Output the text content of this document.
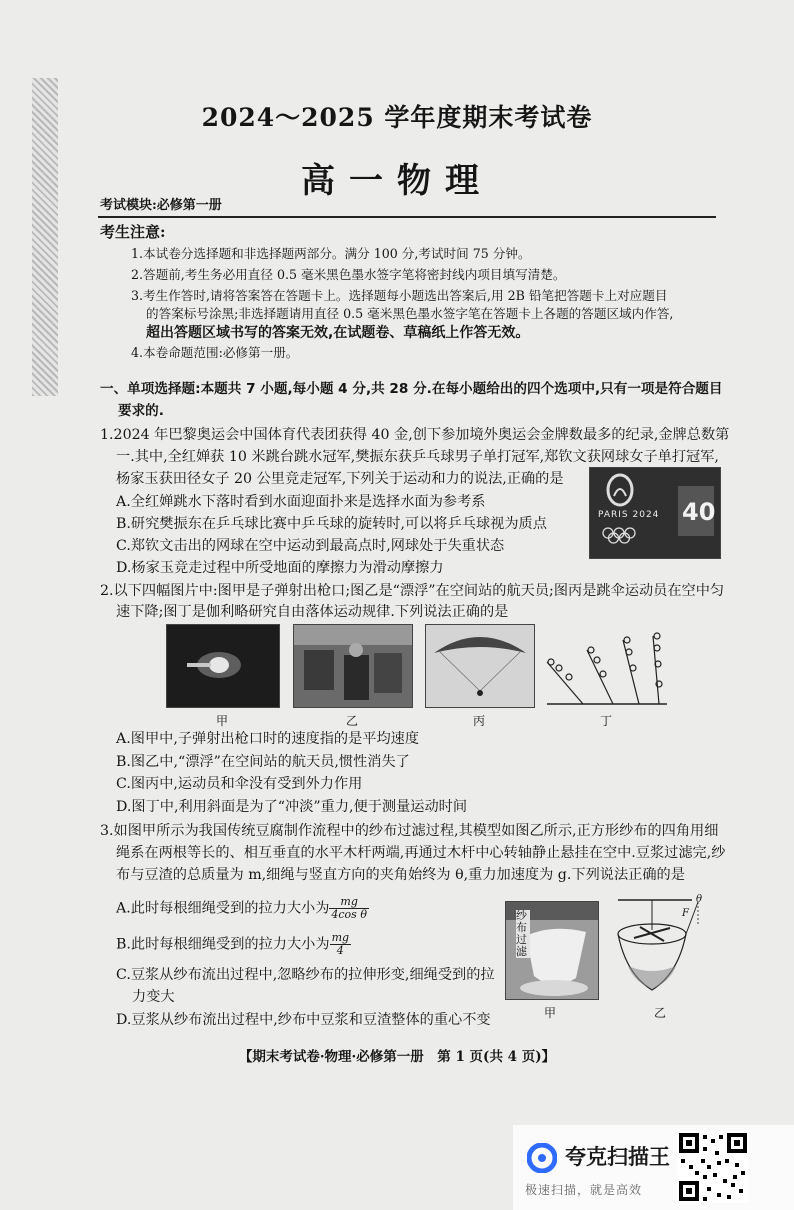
2024～2025 学年度期末考试卷
高一物理
考试模块:必修第一册
考生注意:
1.本试卷分选择题和非选择题两部分。满分 100 分,考试时间 75 分钟。
2.答题前,考生务必用直径 0.5 毫米黑色墨水签字笔将密封线内项目填写清楚。
3.考生作答时,请将答案答在答题卡上。选择题每小题选出答案后,用 2B 铅笔把答题卡上对应题目
的答案标号涂黑;非选择题请用直径 0.5 毫米黑色墨水签字笔在答题卡上各题的答题区域内作答,
超出答题区域书写的答案无效,在试题卷、草稿纸上作答无效。
4.本卷命题范围:必修第一册。
一、单项选择题:本题共 7 小题,每小题 4 分,共 28 分.在每小题给出的四个选项中,只有一项是符合题目
要求的.
1.2024 年巴黎奥运会中国体育代表团获得 40 金,创下参加境外奥运会金牌数最多的纪录,金牌总数第
一.其中,全红婵获 10 米跳台跳水冠军,樊振东获乒乓球男子单打冠军,郑钦文获网球女子单打冠军,
杨家玉获田径女子 20 公里竞走冠军,下列关于运动和力的说法,正确的是
A.全红婵跳水下落时看到水面迎面扑来是选择水面为参考系
B.研究樊振东在乒乓球比赛中乒乓球的旋转时,可以将乒乓球视为质点
C.郑钦文击出的网球在空中运动到最高点时,网球处于失重状态
D.杨家玉竞走过程中所受地面的摩擦力为滑动摩擦力
PARIS 2024 40
2.以下四幅图片中:图甲是子弹射出枪口;图乙是“漂浮”在空间站的航天员;图丙是跳伞运动员在空中匀
速下降;图丁是伽利略研究自由落体运动规律.下列说法正确的是
甲	乙	丙	丁
A.图甲中,子弹射出枪口时的速度指的是平均速度
B.图乙中,“漂浮”在空间站的航天员,惯性消失了
C.图丙中,运动员和伞没有受到外力作用
D.图丁中,利用斜面是为了“冲淡”重力,便于测量运动时间
3.如图甲所示为我国传统豆腐制作流程中的纱布过滤过程,其模型如图乙所示,正方形纱布的四角用细
绳系在两根等长的、相互垂直的水平木杆两端,再通过木杆中心转轴静止悬挂在空中.豆浆过滤完,纱
布与豆渣的总质量为 m,细绳与竖直方向的夹角始终为 θ,重力加速度为 g.下列说法正确的是
A.此时每根细绳受到的拉力大小为 $\frac{mg}{\text{4cos θ}}$
B.此时每根细绳受到的拉力大小为 $\frac{mg}{4}$
C.豆浆从纱布流出过程中,忽略纱布的拉伸形变,细绳受到的拉
力变大
D.豆浆从纱布流出过程中,纱布中豆浆和豆渣整体的重心不变
纱布过滤
F
θ
甲	乙
【期末考试卷·物理·必修第一册　第 1 页(共 4 页)】
夸克扫描王
极速扫描，就是高效
